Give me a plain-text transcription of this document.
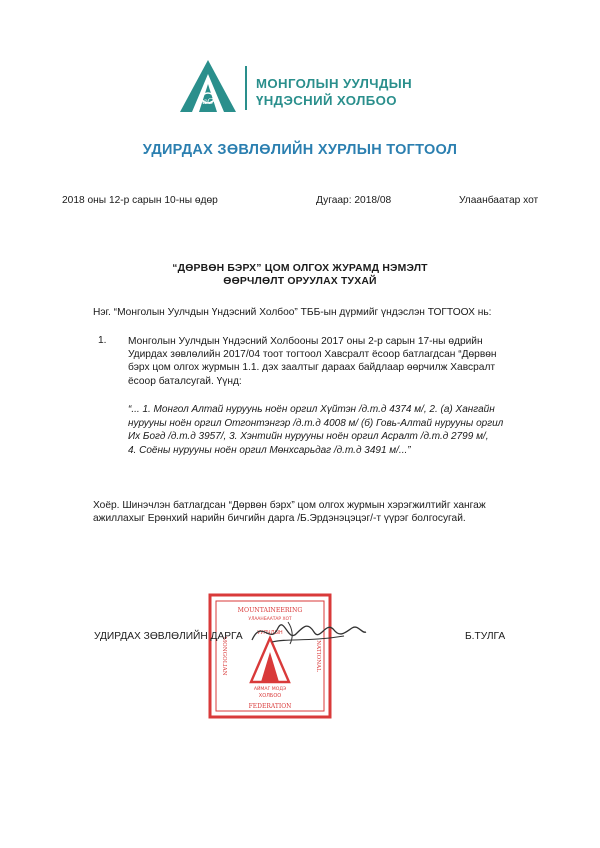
aG
МОНГОЛЫН УУЛЧДЫН
ҮНДЭСНИЙ ХОЛБОО
УДИРДАХ ЗӨВЛӨЛИЙН ХУРЛЫН ТОГТООЛ
2018 оны 12-р сарын 10-ны өдөр	Дугаар: 2018/08	Улаанбаатар хот
“ДӨРВӨН БЭРХ” ЦОМ ОЛГОХ ЖУРАМД НЭМЭЛТ
ӨӨРЧЛӨЛТ ОРУУЛАХ ТУХАЙ
Нэг. “Монголын Уулчдын Үндэсний Холбоо” ТББ-ын дүрмийг үндэслэн ТОГТООХ нь:
1. Монголын Уулчдын Үндэсний Холбооны 2017 оны 2-р сарын 17-ны өдрийн
Удирдах зөвлөлийн 2017/04 тоот тогтоол Хавсралт ёсоор батлагдсан “Дөрвөн
бэрх цом олгох журмын 1.1. дэх заалтыг дараах байдлаар өөрчилж Хавсралт
ёсоор баталсугай. Үүнд:
“... 1. Монгол Алтай нуруунь ноён оргил Хүйтэн /д.т.д 4374 м/, 2. (а) Хангайн
нурууны ноён оргил Отгонтэнгэр /д.т.д 4008 м/ (б) Говь-Алтай нурууны оргил
Их Богд /д.т.д 3957/, 3. Хэнтийн нурууны ноён оргил Асралт /д.т.д 2799 м/,
4. Соёны нурууны ноён оргил Мөнхсарьдаг /д.т.д 3491 м/...”
Хоёр. Шинэчлэн батлагдсан “Дөрвөн бэрх” цом олгох журмын хэрэгжилтийг хангаж
ажиллахыг Ерөнхий нарийн бичгийн дарга /Б.Эрдэнэцэцэг/-т үүрэг болгосугай.
MOUNTAINEERING
УЛААНБААТАР ХОТ
MONGOLIAN	NATIONAL
УУЛЧДЫН
АЙМАГ МОДЭ
ХОЛБОО
FEDERATION
УДИРДАХ ЗӨВЛӨЛИЙН ДАРГА	Б.ТУЛГА
